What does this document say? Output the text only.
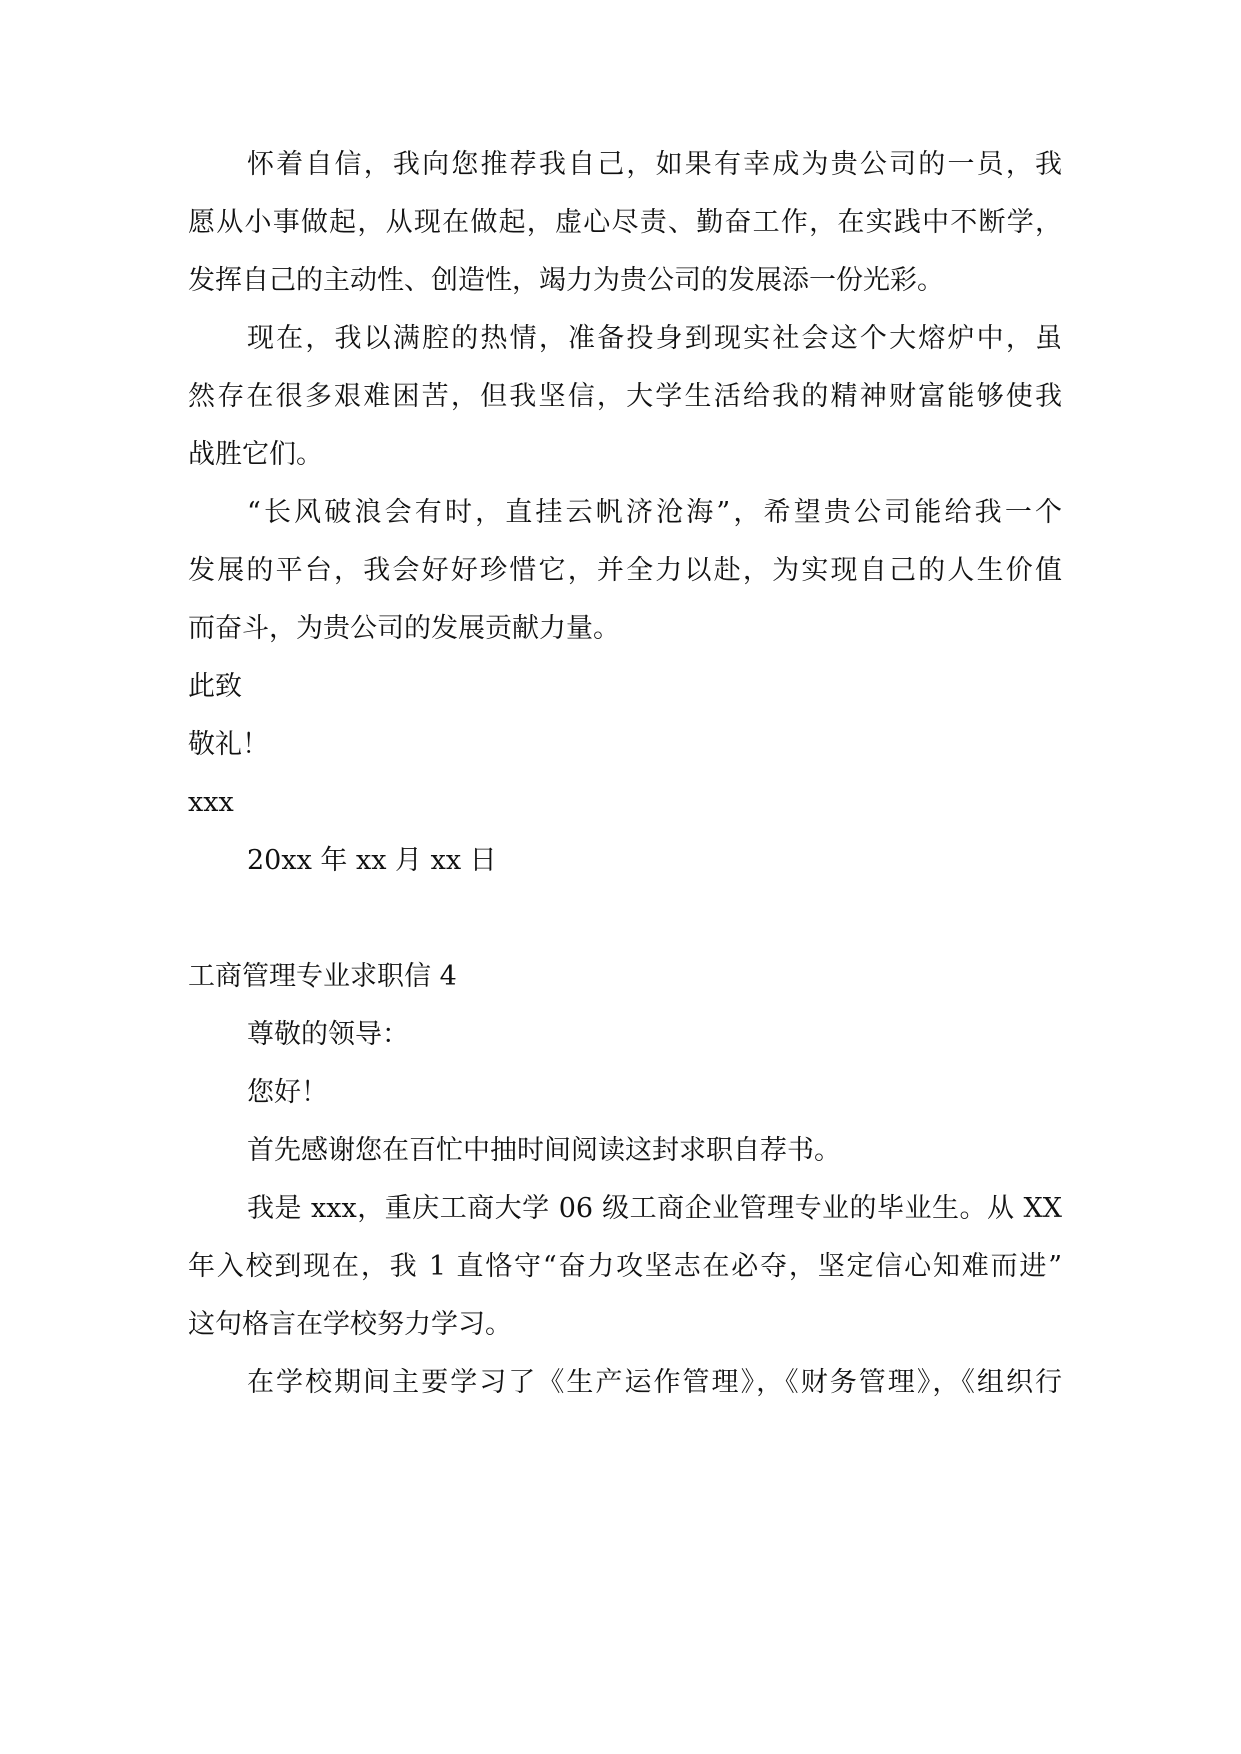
怀着自信，我向您推荐我自己，如果有幸成为贵公司的一员，我
愿从小事做起，从现在做起，虚心尽责、勤奋工作，在实践中不断学，
发挥自己的主动性、创造性，竭力为贵公司的发展添一份光彩。
现在，我以满腔的热情，准备投身到现实社会这个大熔炉中，虽
然存在很多艰难困苦，但我坚信，大学生活给我的精神财富能够使我
战胜它们。
“长风破浪会有时，直挂云帆济沧海”，希望贵公司能给我一个
发展的平台，我会好好珍惜它，并全力以赴，为实现自己的人生价值
而奋斗，为贵公司的发展贡献力量。
此致
敬礼！
xxx
20xx 年 xx 月 xx 日
工商管理专业求职信 4
尊敬的领导：
您好！
首先感谢您在百忙中抽时间阅读这封求职自荐书。
我是 xxx，重庆工商大学 06 级工商企业管理专业的毕业生。从 XX
年入校到现在，我 1 直恪守“奋力攻坚志在必夺，坚定信心知难而进”
这句格言在学校努力学习。
在学校期间主要学习了《生产运作管理》，《财务管理》，《组织行
